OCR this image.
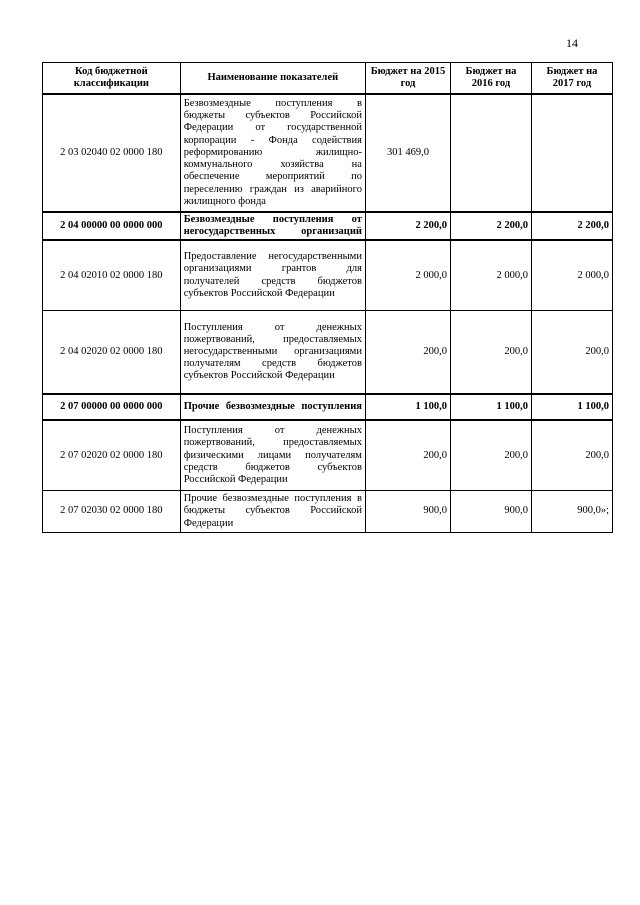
14
Код бюджетной классификации	Наименование показателей	Бюджет на 2015 год	Бюджет на 2016 год	Бюджет на 2017 год
2 03 02040 02 0000 180	Безвозмездные поступления в бюджеты субъектов Российской Федерации от государственной корпорации - Фонда содействия реформированию жилищно-коммунального хозяйства на обеспечение мероприятий по переселению граждан из аварийного жилищного фонда	301 469,0		
2 04 00000 00 0000 000	Безвозмездные поступления от негосударственных организаций	2 200,0	2 200,0	2 200,0
2 04 02010 02 0000 180	Предоставление негосударственными организациями грантов для получателей средств бюджетов субъектов Российской Федерации	2 000,0	2 000,0	2 000,0
2 04 02020 02 0000 180	Поступления от денежных пожертвований, предоставляемых негосударственными организациями получателям средств бюджетов субъектов Российской Федерации	200,0	200,0	200,0
2 07 00000 00 0000 000	Прочие безвозмездные поступления	1 100,0	1 100,0	1 100,0
2 07 02020 02 0000 180	Поступления от денежных пожертвований, предоставляемых физическими лицами получателям средств бюджетов субъектов Российской Федерации	200,0	200,0	200,0
2 07 02030 02 0000 180	Прочие безвозмездные поступления в бюджеты субъектов Российской Федерации	900,0	900,0	900,0»;
